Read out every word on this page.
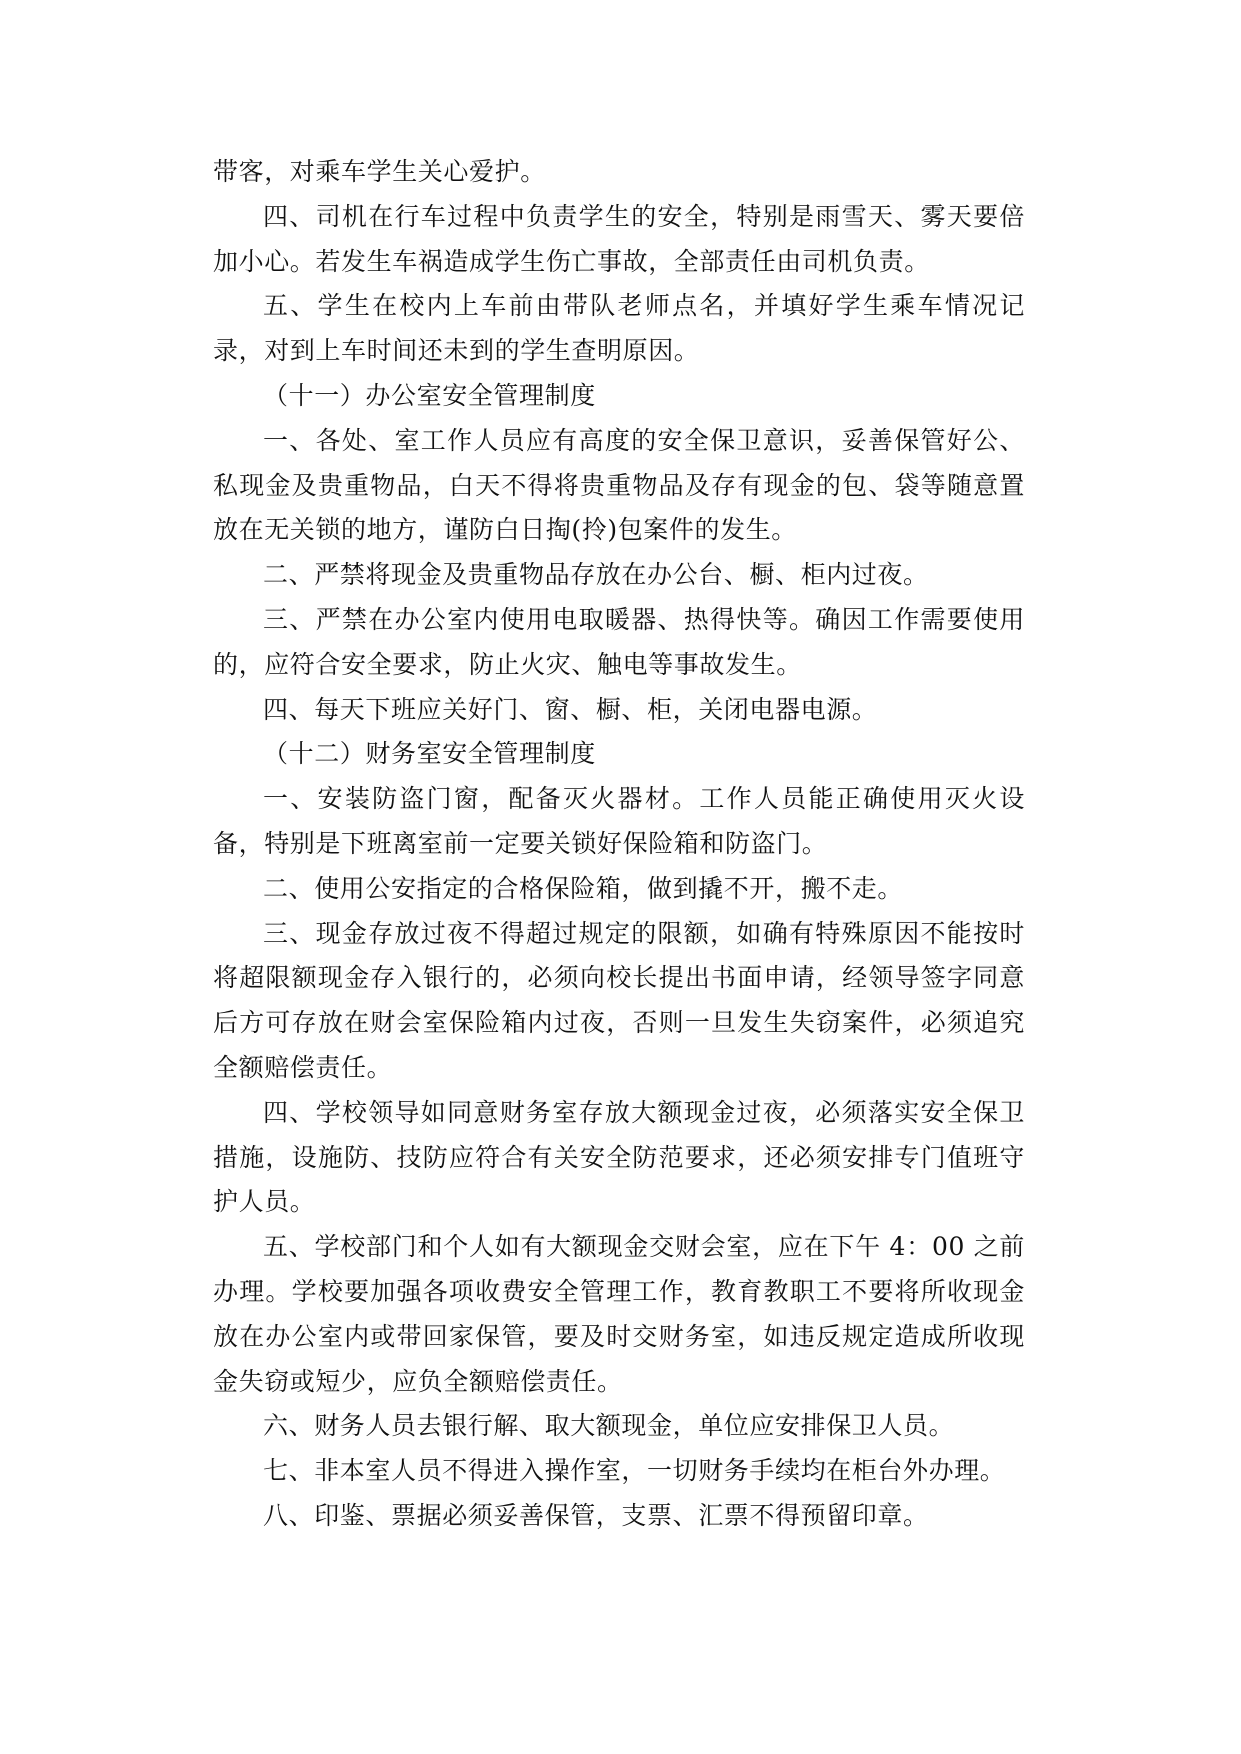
带客，对乘车学生关心爱护。

四、司机在行车过程中负责学生的安全，特别是雨雪天、雾天要倍加小心。若发生车祸造成学生伤亡事故，全部责任由司机负责。

五、学生在校内上车前由带队老师点名，并填好学生乘车情况记录，对到上车时间还未到的学生查明原因。

（十一）办公室安全管理制度

一、各处、室工作人员应有高度的安全保卫意识，妥善保管好公、私现金及贵重物品，白天不得将贵重物品及存有现金的包、袋等随意置放在无关锁的地方，谨防白日掏(拎)包案件的发生。

二、严禁将现金及贵重物品存放在办公台、橱、柜内过夜。

三、严禁在办公室内使用电取暖器、热得快等。确因工作需要使用的，应符合安全要求，防止火灾、触电等事故发生。

四、每天下班应关好门、窗、橱、柜，关闭电器电源。

（十二）财务室安全管理制度

一、安装防盗门窗，配备灭火器材。工作人员能正确使用灭火设备，特别是下班离室前一定要关锁好保险箱和防盗门。

二、使用公安指定的合格保险箱，做到撬不开，搬不走。

三、现金存放过夜不得超过规定的限额，如确有特殊原因不能按时将超限额现金存入银行的，必须向校长提出书面申请，经领导签字同意后方可存放在财会室保险箱内过夜，否则一旦发生失窃案件，必须追究全额赔偿责任。

四、学校领导如同意财务室存放大额现金过夜，必须落实安全保卫措施，设施防、技防应符合有关安全防范要求，还必须安排专门值班守护人员。

五、学校部门和个人如有大额现金交财会室，应在下午 4：00 之前办理。学校要加强各项收费安全管理工作，教育教职工不要将所收现金放在办公室内或带回家保管，要及时交财务室，如违反规定造成所收现金失窃或短少，应负全额赔偿责任。

六、财务人员去银行解、取大额现金，单位应安排保卫人员。

七、非本室人员不得进入操作室，一切财务手续均在柜台外办理。

八、印鉴、票据必须妥善保管，支票、汇票不得预留印章。
